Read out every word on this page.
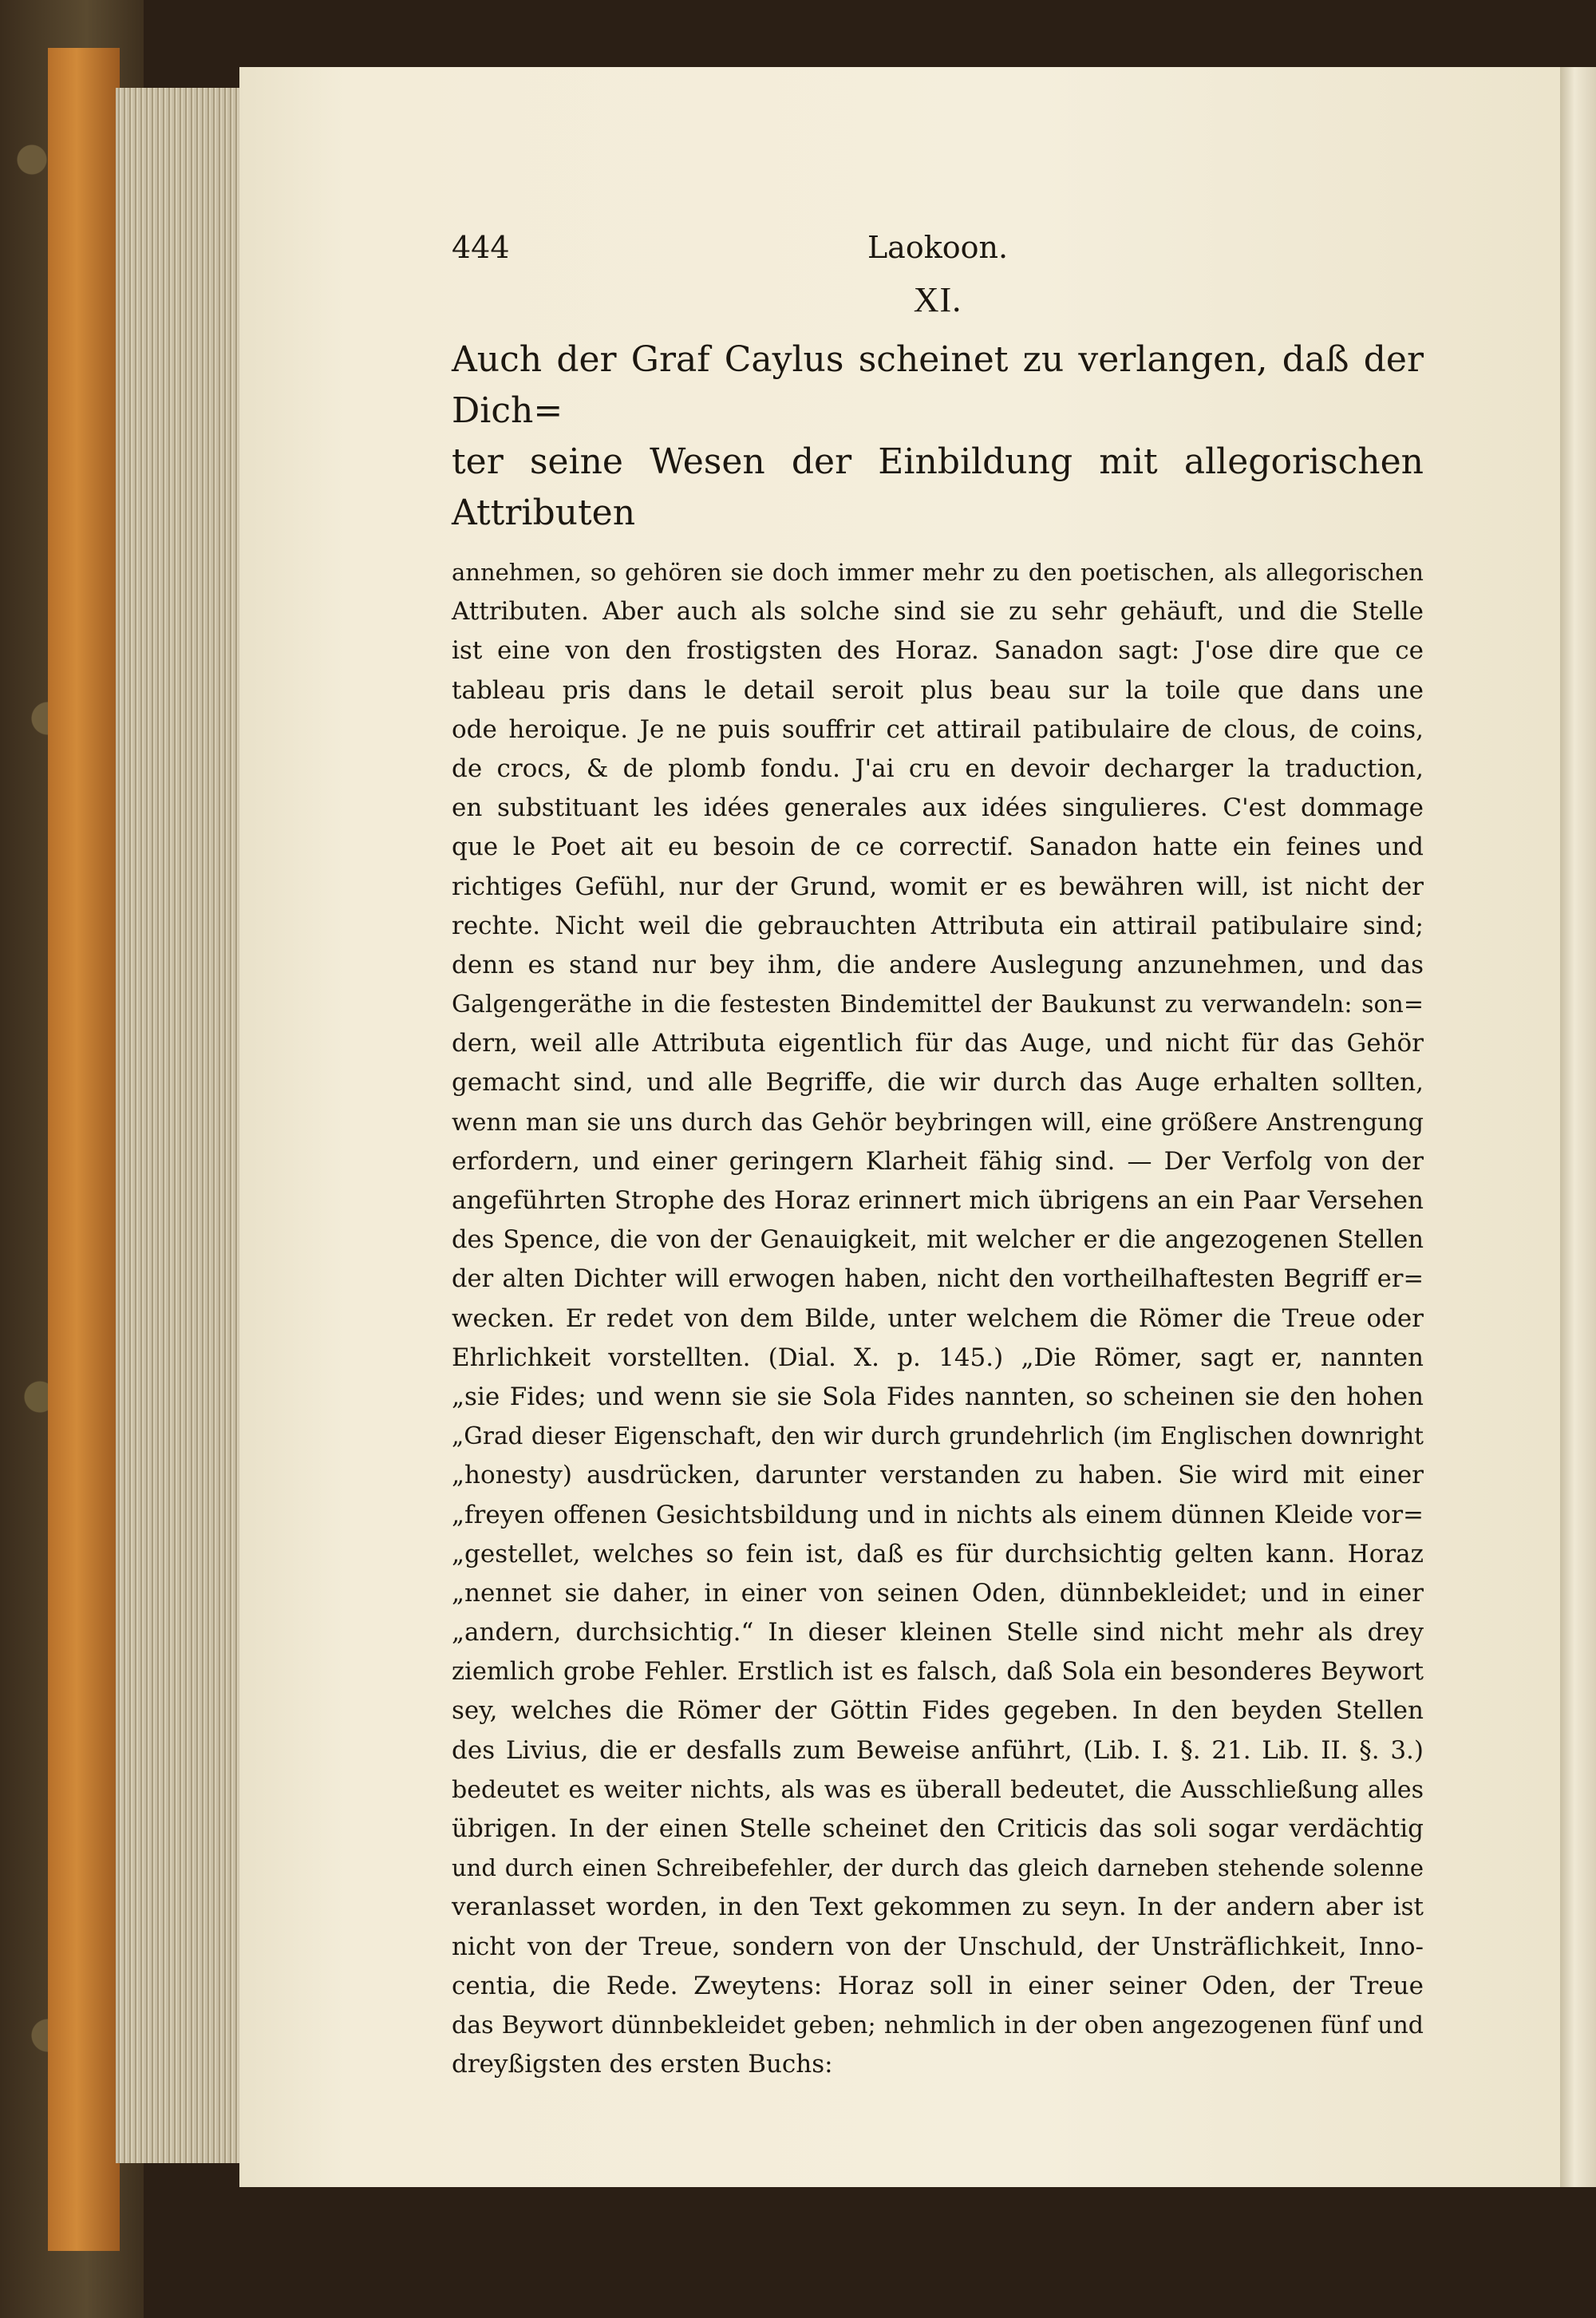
444	Laokoon.
XI.

Auch der Graf Caylus scheinet zu verlangen, daß der Dich=
ter seine Wesen der Einbildung mit allegorischen Attributen

annehmen, so gehören sie doch immer mehr zu den poetischen, als allegorischen
Attributen. Aber auch als solche sind sie zu sehr gehäuft, und die Stelle
ist eine von den frostigsten des Horaz. Sanadon sagt: J'ose dire que ce
tableau pris dans le detail seroit plus beau sur la toile que dans une
ode heroique. Je ne puis souffrir cet attirail patibulaire de clous, de coins,
de crocs, & de plomb fondu. J'ai cru en devoir decharger la traduction,
en substituant les idées generales aux idées singulieres. C'est dommage
que le Poet ait eu besoin de ce correctif. Sanadon hatte ein feines und
richtiges Gefühl, nur der Grund, womit er es bewähren will, ist nicht der
rechte. Nicht weil die gebrauchten Attributa ein attirail patibulaire sind;
denn es stand nur bey ihm, die andere Auslegung anzunehmen, und das
Galgengeräthe in die festesten Bindemittel der Baukunst zu verwandeln: son=
dern, weil alle Attributa eigentlich für das Auge, und nicht für das Gehör
gemacht sind, und alle Begriffe, die wir durch das Auge erhalten sollten,
wenn man sie uns durch das Gehör beybringen will, eine größere Anstrengung
erfordern, und einer geringern Klarheit fähig sind. — Der Verfolg von der
angeführten Strophe des Horaz erinnert mich übrigens an ein Paar Versehen
des Spence, die von der Genauigkeit, mit welcher er die angezogenen Stellen
der alten Dichter will erwogen haben, nicht den vortheilhaftesten Begriff er=
wecken. Er redet von dem Bilde, unter welchem die Römer die Treue oder
Ehrlichkeit vorstellten. (Dial. X. p. 145.) „Die Römer, sagt er, nannten
„sie Fides; und wenn sie sie Sola Fides nannten, so scheinen sie den hohen
„Grad dieser Eigenschaft, den wir durch grundehrlich (im Englischen downright
„honesty) ausdrücken, darunter verstanden zu haben. Sie wird mit einer
„freyen offenen Gesichtsbildung und in nichts als einem dünnen Kleide vor=
„gestellet, welches so fein ist, daß es für durchsichtig gelten kann. Horaz
„nennet sie daher, in einer von seinen Oden, dünnbekleidet; und in einer
„andern, durchsichtig.“ In dieser kleinen Stelle sind nicht mehr als drey
ziemlich grobe Fehler. Erstlich ist es falsch, daß Sola ein besonderes Beywort
sey, welches die Römer der Göttin Fides gegeben. In den beyden Stellen
des Livius, die er desfalls zum Beweise anführt, (Lib. I. §. 21. Lib. II. §. 3.)
bedeutet es weiter nichts, als was es überall bedeutet, die Ausschließung alles
übrigen. In der einen Stelle scheinet den Criticis das soli sogar verdächtig
und durch einen Schreibefehler, der durch das gleich darneben stehende solenne
veranlasset worden, in den Text gekommen zu seyn. In der andern aber ist
nicht von der Treue, sondern von der Unschuld, der Unsträflichkeit, Inno-
centia, die Rede. Zweytens: Horaz soll in einer seiner Oden, der Treue
das Beywort dünnbekleidet geben; nehmlich in der oben angezogenen fünf und
dreyßigsten des ersten Buchs:
